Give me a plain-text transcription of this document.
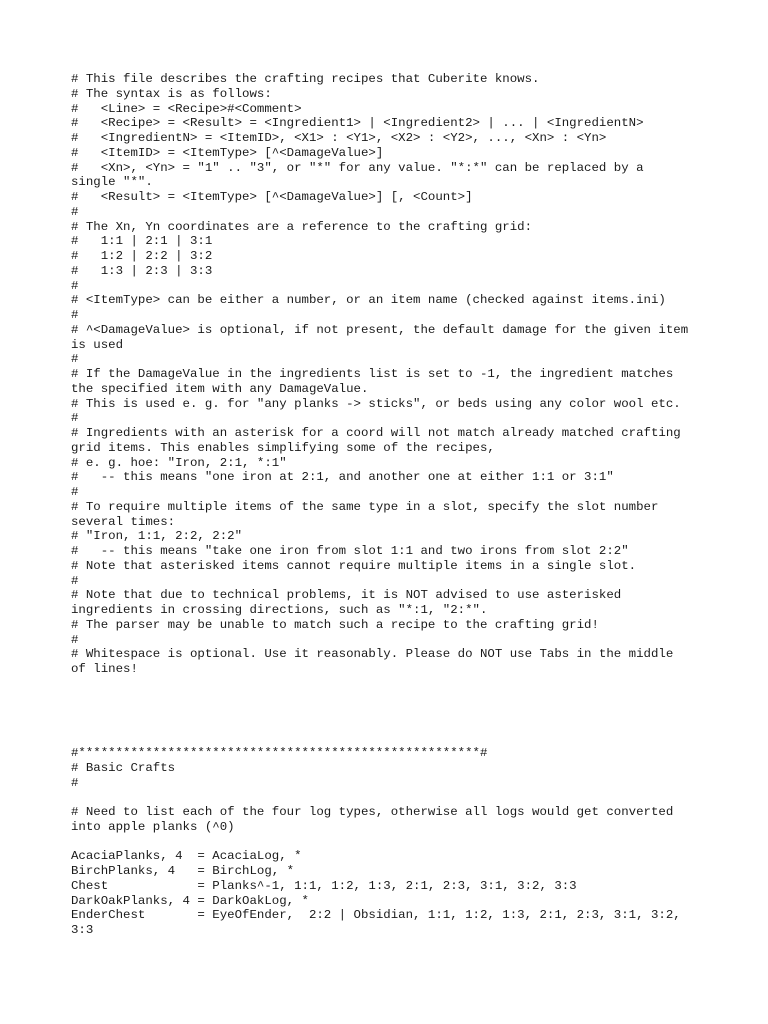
# This file describes the crafting recipes that Cuberite knows.
# The syntax is as follows:
#   <Line> = <Recipe>#<Comment>
#   <Recipe> = <Result> = <Ingredient1> | <Ingredient2> | ... | <IngredientN>
#   <IngredientN> = <ItemID>, <X1> : <Y1>, <X2> : <Y2>, ..., <Xn> : <Yn>
#   <ItemID> = <ItemType> [^<DamageValue>]
#   <Xn>, <Yn> = "1" .. "3", or "*" for any value. "*:*" can be replaced by a
single "*".
#   <Result> = <ItemType> [^<DamageValue>] [, <Count>]
#
# The Xn, Yn coordinates are a reference to the crafting grid:
#   1:1 | 2:1 | 3:1
#   1:2 | 2:2 | 3:2
#   1:3 | 2:3 | 3:3
#
# <ItemType> can be either a number, or an item name (checked against items.ini)
#
# ^<DamageValue> is optional, if not present, the default damage for the given item
is used
#
# If the DamageValue in the ingredients list is set to -1, the ingredient matches
the specified item with any DamageValue.
# This is used e. g. for "any planks -> sticks", or beds using any color wool etc.
#
# Ingredients with an asterisk for a coord will not match already matched crafting
grid items. This enables simplifying some of the recipes,
# e. g. hoe: "Iron, 2:1, *:1"
#   -- this means "one iron at 2:1, and another one at either 1:1 or 3:1"
#
# To require multiple items of the same type in a slot, specify the slot number
several times:
# "Iron, 1:1, 2:2, 2:2"
#   -- this means "take one iron from slot 1:1 and two irons from slot 2:2"
# Note that asterisked items cannot require multiple items in a single slot.
#
# Note that due to technical problems, it is NOT advised to use asterisked
ingredients in crossing directions, such as "*:1, "2:*".
# The parser may be unable to match such a recipe to the crafting grid!
#
# Whitespace is optional. Use it reasonably. Please do NOT use Tabs in the middle
of lines!
#******************************************************#
# Basic Crafts
#

# Need to list each of the four log types, otherwise all logs would get converted
into apple planks (^0)

AcaciaPlanks, 4  = AcaciaLog, *
BirchPlanks, 4   = BirchLog, *
Chest            = Planks^-1, 1:1, 1:2, 1:3, 2:1, 2:3, 3:1, 3:2, 3:3
DarkOakPlanks, 4 = DarkOakLog, *
EnderChest       = EyeOfEnder,  2:2 | Obsidian, 1:1, 1:2, 1:3, 2:1, 2:3, 3:1, 3:2,
3:3
